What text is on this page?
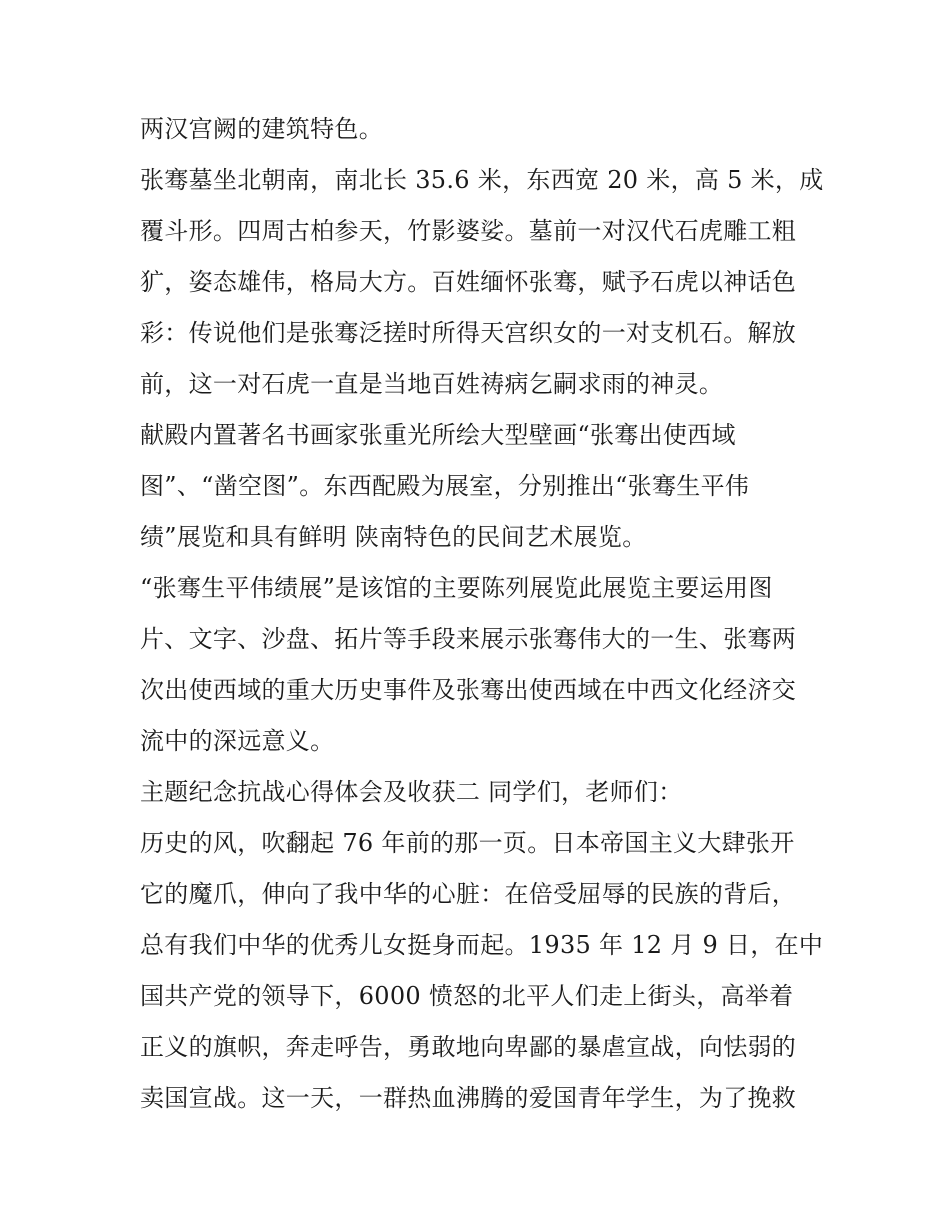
两汉宫阙的建筑特色。
张骞墓坐北朝南，南北长 35.6 米，东西宽 20 米，高 5 米，成
覆斗形。四周古柏参天，竹影婆娑。墓前一对汉代石虎雕工粗
犷，姿态雄伟，格局大方。百姓缅怀张骞，赋予石虎以神话色
彩：传说他们是张骞泛搓时所得天宫织女的一对支机石。解放
前，这一对石虎一直是当地百姓祷病乞嗣求雨的神灵。
献殿内置著名书画家张重光所绘大型壁画“张骞出使西域
图”、“凿空图”。东西配殿为展室，分别推出“张骞生平伟
绩”展览和具有鲜明 陕南特色的民间艺术展览。
“张骞生平伟绩展”是该馆的主要陈列展览此展览主要运用图
片、文字、沙盘、拓片等手段来展示张骞伟大的一生、张骞两
次出使西域的重大历史事件及张骞出使西域在中西文化经济交
流中的深远意义。
主题纪念抗战心得体会及收获二 同学们，老师们：
历史的风，吹翻起 76 年前的那一页。日本帝国主义大肆张开
它的魔爪，伸向了我中华的心脏：在倍受屈辱的民族的背后，
总有我们中华的优秀儿女挺身而起。1935 年 12 月 9 日，在中
国共产党的领导下，6000 愤怒的北平人们走上街头，高举着
正义的旗帜，奔走呼告，勇敢地向卑鄙的暴虐宣战，向怯弱的
卖国宣战。这一天，一群热血沸腾的爱国青年学生，为了挽救
